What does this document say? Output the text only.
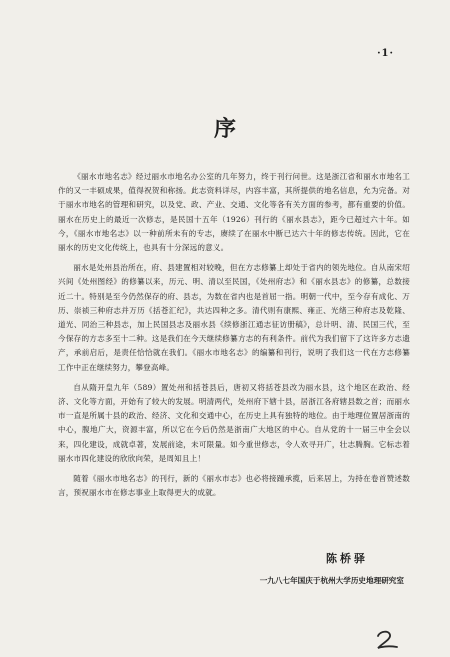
·1·
序

《丽水市地名志》经过丽水市地名办公室的几年努力，终于刊行问世。这是浙江省和丽水市地名工作的又一丰硕成果，值得祝贺和称扬。此志资料详尽，内容丰富，其所提供的地名信息，允为完备。对于丽水市地名的管理和研究，以及党、政、产业、交通、文化等各有关方面的参考，都有重要的价值。丽水在历史上的最近一次修志，是民国十五年（1926）刊行的《丽水县志》，距今已超过六十年。如今，《丽水市地名志》以一种前所未有的专志，赓续了在丽水中断已达六十年的修志传统。因此，它在丽水的历史文化传统上，也具有十分深远的意义。

丽水是处州县治所在，府、县建置相对较晚，但在方志修纂上却处于省内的领先地位。自从南宋绍兴间《处州图经》的修纂以来，历元、明、清以至民国，《处州府志》和《丽水县志》的修纂，总数接近二十。特别是至今仍然保存的府、县志，为数在省内也是首屈一指。明朝一代中，至今存有成化、万历、崇祯三种府志并万历《括苍汇纪》，共达四种之多。清代则有康熙、雍正、光绪三种府志及乾隆、道光、同治三种县志，加上民国县志及丽水县《续修浙江通志征访册稿》，总计明、清、民国三代，至今保存的方志多至十二种。这是我们在今天继续修纂方志的有利条件。前代为我们留下了这许多方志遗产，承前启后，是责任恰恰就在我们。《丽水市地名志》的编纂和刊行，说明了我们这一代在方志修纂工作中正在继续努力，攀登高峰。

自从隋开皇九年（589）置处州和括苍县后，唐初又将括苍县改为丽水县，这个地区在政治、经济、文化等方面，开始有了较大的发展。明清两代，处州府下辖十县，居浙江各府辖县数之首；而丽水市一直是所属十县的政治、经济、文化和交通中心，在历史上具有独特的地位。由于地理位置居浙南的中心，腹地广大，资源丰富，所以它在今后仍然是浙南广大地区的中心。自从党的十一届三中全会以来，四化建设，成就卓著，发展前途，未可限量。如今重世修志，令人欢寻开广，壮志腾胸。它标志着丽水市四化建设的欣欣向荣，是周知且上！

随着《丽水市地名志》的刊行，新的《丽水市志》也必将接踵承揽，后来居上，为持在卷首赞述数言，预祝丽水市在修志事业上取得更大的成就。

陈桥驿
一九八七年国庆于杭州大学历史地理研究室
